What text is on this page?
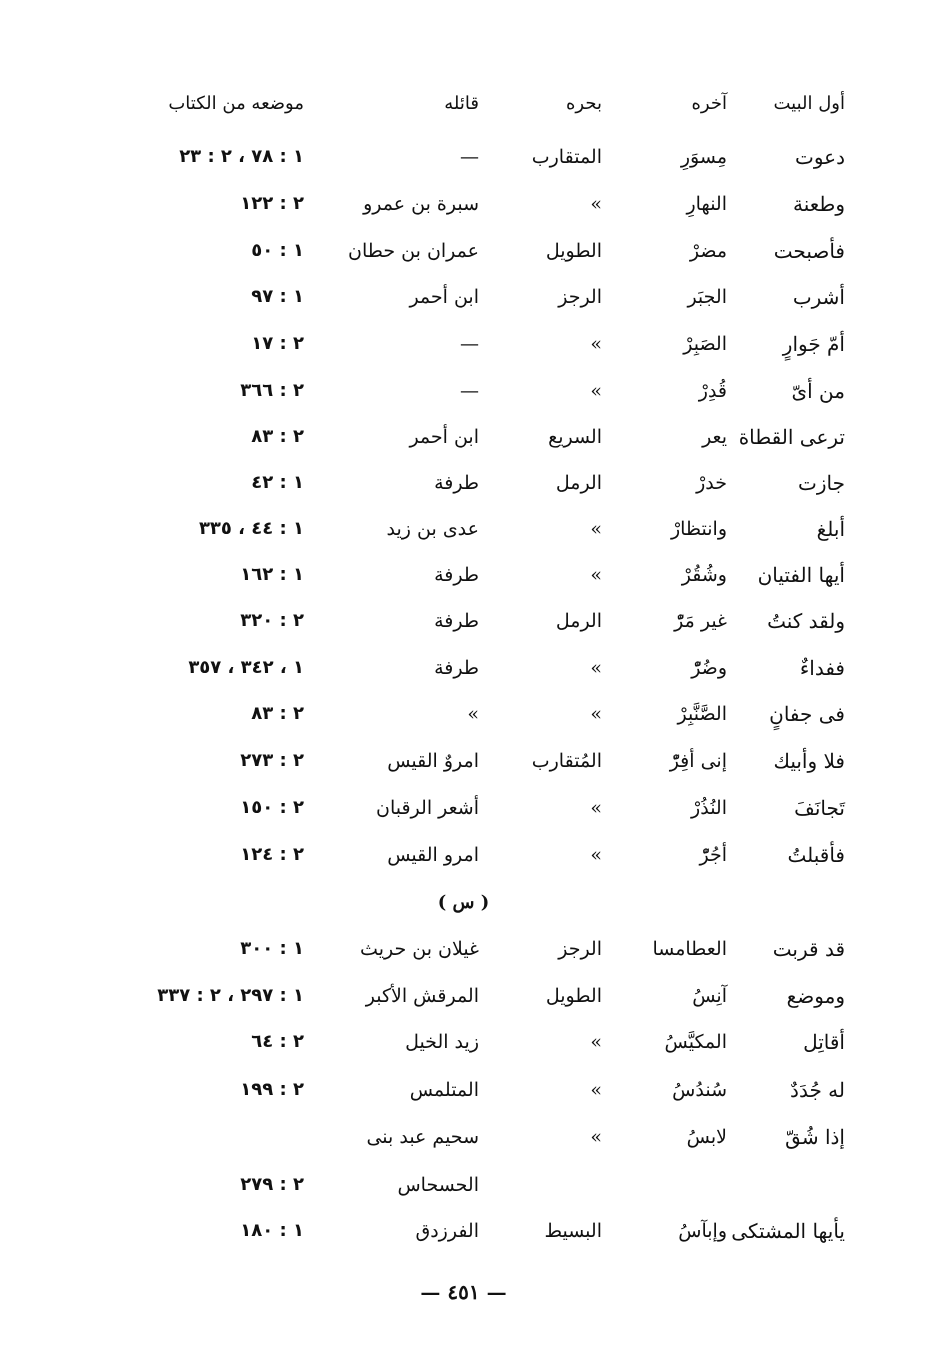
أول البيت
آخره
بحره
قائله
موضعه من الكتاب
دعوت
مِسوَرِ
المتقارب
—
١ : ٧٨ ، ٢ : ٢٣
وطعنة
النهارِ
»
سبرة بن عمرو
٢ : ١٢٢
فأصبحت
مضرْ
الطويل
عمران بن حطان
١ : ٥٠
أشرب
الجبَر
الرجز
ابن أحمر
١ : ٩٧
أمّ جَوارٍ
الصَبِرْ
»
—
٢ : ١٧
من أىّ
قُدِرْ
»
—
٢ : ٣٦٦
ترعى القطاة
يعر
السريع
ابن أحمر
٢ : ٨٣
جازت
خدرْ
الرمل
طرفة
١ : ٤٢
أبلغ
وانتظارْ
»
عدى بن زيد
١ : ٤٤ ، ٣٣٥
أيها الفتيان
وشُقُرْ
»
طرفة
١ : ١٦٢
ولقد كنتُ
غير مَرّْ
الرمل
طرفة
٢ : ٣٢٠
ففداءٌ
وضُرّْ
»
طرفة
١ ، ٣٤٢ ، ٣٥٧
فى جفانٍ
الصَّنَّبِرْ
»
»
٢ : ٨٣
فلا وأبيك
إنى أفِرّْ
المُتقارب
امروٌ القيس
٢ : ٢٧٣
تَجانَفَ
النُذُرْ
»
أشعر الرقبان
٢ : ١٥٠
فأقبلتُ
أجُرّْ
»
امرو القيس
٢ : ١٢٤
( س )
قد قربت
العطامسا
الرجز
غيلان بن حريث
١ : ٣٠٠
وموضع
آنِسُ
الطويل
المرقش الأكبر
١ : ٢٩٧ ، ٢ : ٣٣٧
أقاتِل
المكيَّسُ
»
زيد الخيل
٢ : ٦٤
له جُدَدٌ
سُندُسُ
»
المتلمس
٢ : ١٩٩
إذا شُقّ
لابسُ
»
سحيم عبد بنى
الحسحاس
٢ : ٢٧٩
يأيها المشتكى
وإبآسُ
البسيط
الفرزدق
١ : ١٨٠
— ٤٥١ —
